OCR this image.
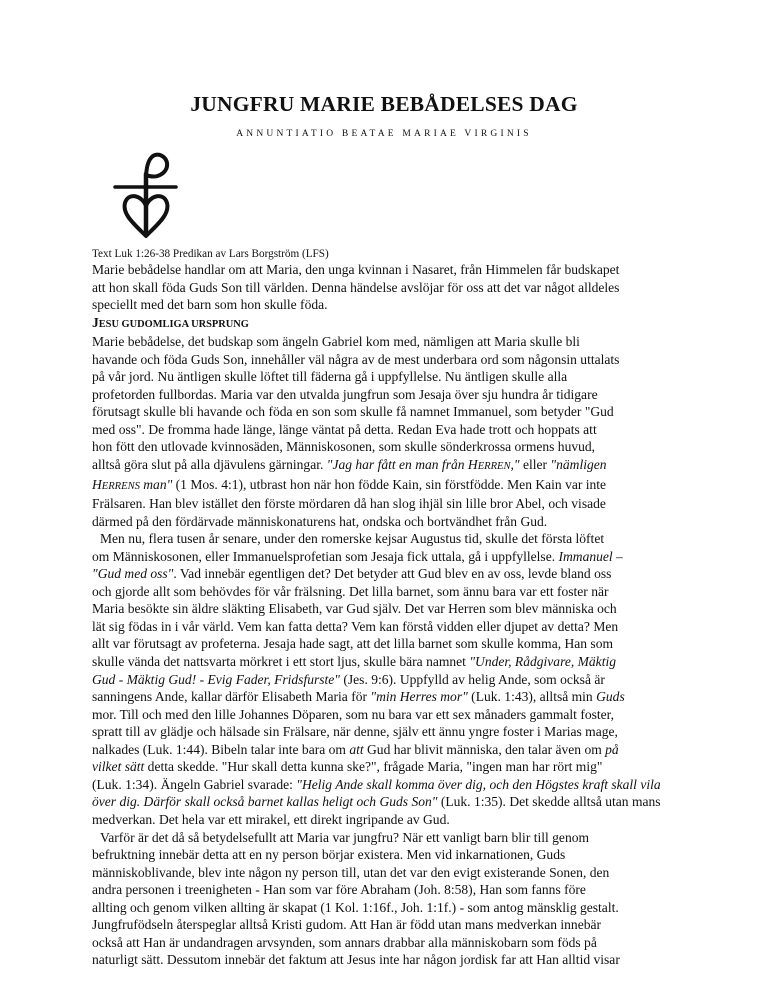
JUNGFRU MARIE BEBÅDELSES DAG

ANNUNTIATIO BEATAE MARIAE VIRGINIS

Text Luk 1:26-38 Predikan av Lars Borgström (LFS)

Marie bebådelse handlar om att Maria, den unga kvinnan i Nasaret, från Himmelen får budskapet

att hon skall föda Guds Son till världen. Denna händelse avslöjar för oss att det var något alldeles

speciellt med det barn som hon skulle föda.

JESU GUDOMLIGA URSPRUNG

Marie bebådelse, det budskap som ängeln Gabriel kom med, nämligen att Maria skulle bli

havande och föda Guds Son, innehåller väl några av de mest underbara ord som någonsin uttalats

på vår jord. Nu äntligen skulle löftet till fäderna gå i uppfyllelse. Nu äntligen skulle alla

profetorden fullbordas. Maria var den utvalda jungfrun som Jesaja över sju hundra år tidigare

förutsagt skulle bli havande och föda en son som skulle få namnet Immanuel, som betyder "Gud

med oss". De fromma hade länge, länge väntat på detta. Redan Eva hade trott och hoppats att

hon fött den utlovade kvinnosäden, Människosonen, som skulle sönderkrossa ormens huvud,

alltså göra slut på alla djävulens gärningar. "Jag har fått en man från HERREN," eller "nämligen

HERRENS man" (1 Mos. 4:1), utbrast hon när hon födde Kain, sin förstfödde. Men Kain var inte

Frälsaren. Han blev istället den förste mördaren då han slog ihjäl sin lille bror Abel, och visade

därmed på den fördärvade människonaturens hat, ondska och bortvändhet från Gud.

Men nu, flera tusen år senare, under den romerske kejsar Augustus tid, skulle det första löftet

om Människosonen, eller Immanuelsprofetian som Jesaja fick uttala, gå i uppfyllelse. Immanuel –

"Gud med oss". Vad innebär egentligen det? Det betyder att Gud blev en av oss, levde bland oss

och gjorde allt som behövdes för vår frälsning. Det lilla barnet, som ännu bara var ett foster när

Maria besökte sin äldre släkting Elisabeth, var Gud själv. Det var Herren som blev människa och

lät sig födas in i vår värld. Vem kan fatta detta? Vem kan förstå vidden eller djupet av detta? Men

allt var förutsagt av profeterna. Jesaja hade sagt, att det lilla barnet som skulle komma, Han som

skulle vända det nattsvarta mörkret i ett stort ljus, skulle bära namnet "Under, Rådgivare, Mäktig

Gud - Mäktig Gud! - Evig Fader, Fridsfurste" (Jes. 9:6). Uppfylld av helig Ande, som också är

sanningens Ande, kallar därför Elisabeth Maria för "min Herres mor" (Luk. 1:43), alltså min Guds

mor. Till och med den lille Johannes Döparen, som nu bara var ett sex månaders gammalt foster,

spratt till av glädje och hälsade sin Frälsare, när denne, själv ett ännu yngre foster i Marias mage,

nalkades (Luk. 1:44). Bibeln talar inte bara om att Gud har blivit människa, den talar även om på

vilket sätt detta skedde. "Hur skall detta kunna ske?", frågade Maria, "ingen man har rört mig"

(Luk. 1:34). Ängeln Gabriel svarade: "Helig Ande skall komma över dig, och den Högstes kraft skall vila

över dig. Därför skall också barnet kallas heligt och Guds Son" (Luk. 1:35). Det skedde alltså utan mans

medverkan. Det hela var ett mirakel, ett direkt ingripande av Gud.

Varför är det då så betydelsefullt att Maria var jungfru? När ett vanligt barn blir till genom

befruktning innebär detta att en ny person börjar existera. Men vid inkarnationen, Guds

människoblivande, blev inte någon ny person till, utan det var den evigt existerande Sonen, den

andra personen i treenigheten - Han som var före Abraham (Joh. 8:58), Han som fanns före

allting och genom vilken allting är skapat (1 Kol. 1:16f., Joh. 1:1f.) - som antog mänsklig gestalt.

Jungfrufödseln återspeglar alltså Kristi gudom. Att Han är född utan mans medverkan innebär

också att Han är undandragen arvsynden, som annars drabbar alla människobarn som föds på

naturligt sätt. Dessutom innebär det faktum att Jesus inte har någon jordisk far att Han alltid visar
